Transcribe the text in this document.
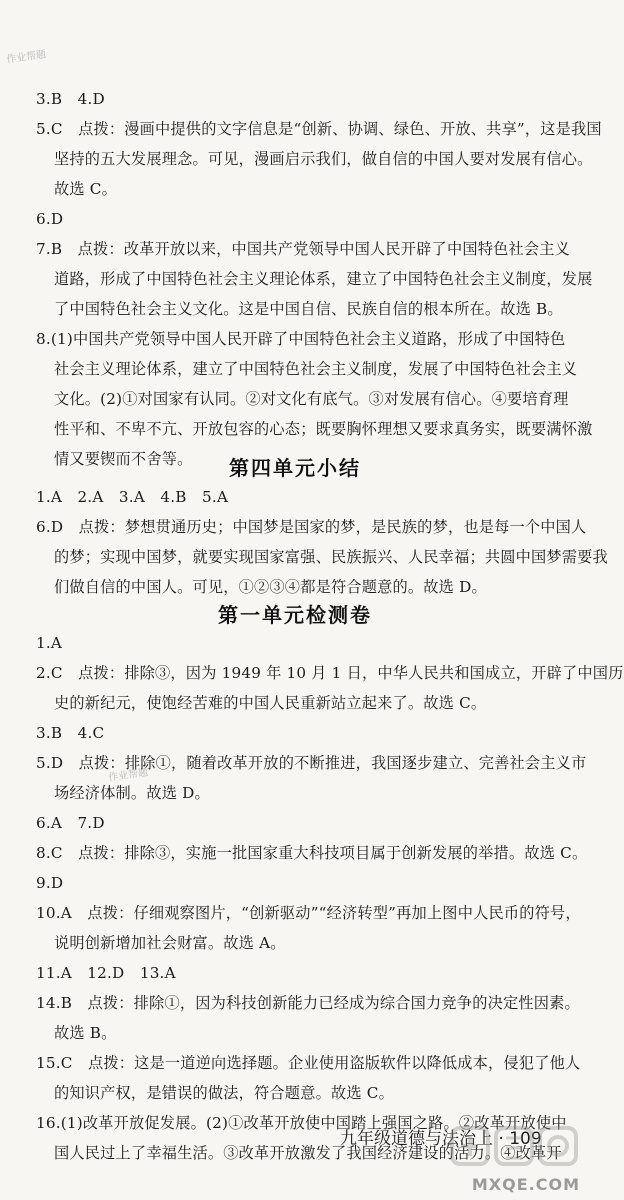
作业帮题
作业帮题
3.B　4.D
5.C　点拨：漫画中提供的文字信息是“创新、协调、绿色、开放、共享”，这是我国
坚持的五大发展理念。可见，漫画启示我们，做自信的中国人要对发展有信心。
故选 C。
6.D
7.B　点拨：改革开放以来，中国共产党领导中国人民开辟了中国特色社会主义
道路，形成了中国特色社会主义理论体系，建立了中国特色社会主义制度，发展
了中国特色社会主义文化。这是中国自信、民族自信的根本所在。故选 B。
8.(1)中国共产党领导中国人民开辟了中国特色社会主义道路，形成了中国特色
社会主义理论体系，建立了中国特色社会主义制度，发展了中国特色社会主义
文化。(2)①对国家有认同。②对文化有底气。③对发展有信心。④要培育理
性平和、不卑不亢、开放包容的心态；既要胸怀理想又要求真务实，既要满怀激
情又要锲而不舍等。	第四单元小结
1.A　2.A　3.A　4.B　5.A
6.D　点拨：梦想贯通历史；中国梦是国家的梦，是民族的梦，也是每一个中国人
的梦；实现中国梦，就要实现国家富强、民族振兴、人民幸福；共圆中国梦需要我
们做自信的中国人。可见，①②③④都是符合题意的。故选 D。
第一单元检测卷
1.A
2.C　点拨：排除③，因为 1949 年 10 月 1 日，中华人民共和国成立，开辟了中国历
史的新纪元，使饱经苦难的中国人民重新站立起来了。故选 C。
3.B　4.C
5.D　点拨：排除①，随着改革开放的不断推进，我国逐步建立、完善社会主义市
场经济体制。故选 D。
6.A　7.D
8.C　点拨：排除③，实施一批国家重大科技项目属于创新发展的举措。故选 C。
9.D
10.A　点拨：仔细观察图片，“创新驱动”“经济转型”再加上图中人民币的符号，
说明创新增加社会财富。故选 A。
11.A　12.D　13.A
14.B　点拨：排除①，因为科技创新能力已经成为综合国力竞争的决定性因素。
故选 B。
15.C　点拨：这是一道逆向选择题。企业使用盗版软件以降低成本，侵犯了他人
的知识产权，是错误的做法，符合题意。故选 C。
16.(1)改革开放促发展。(2)①改革开放使中国踏上强国之路。②改革开放使中
国人民过上了幸福生活。③改革开放激发了我国经济建设的活力。④改革开
九年级道德与法治上 · 109
MXQE.COM
